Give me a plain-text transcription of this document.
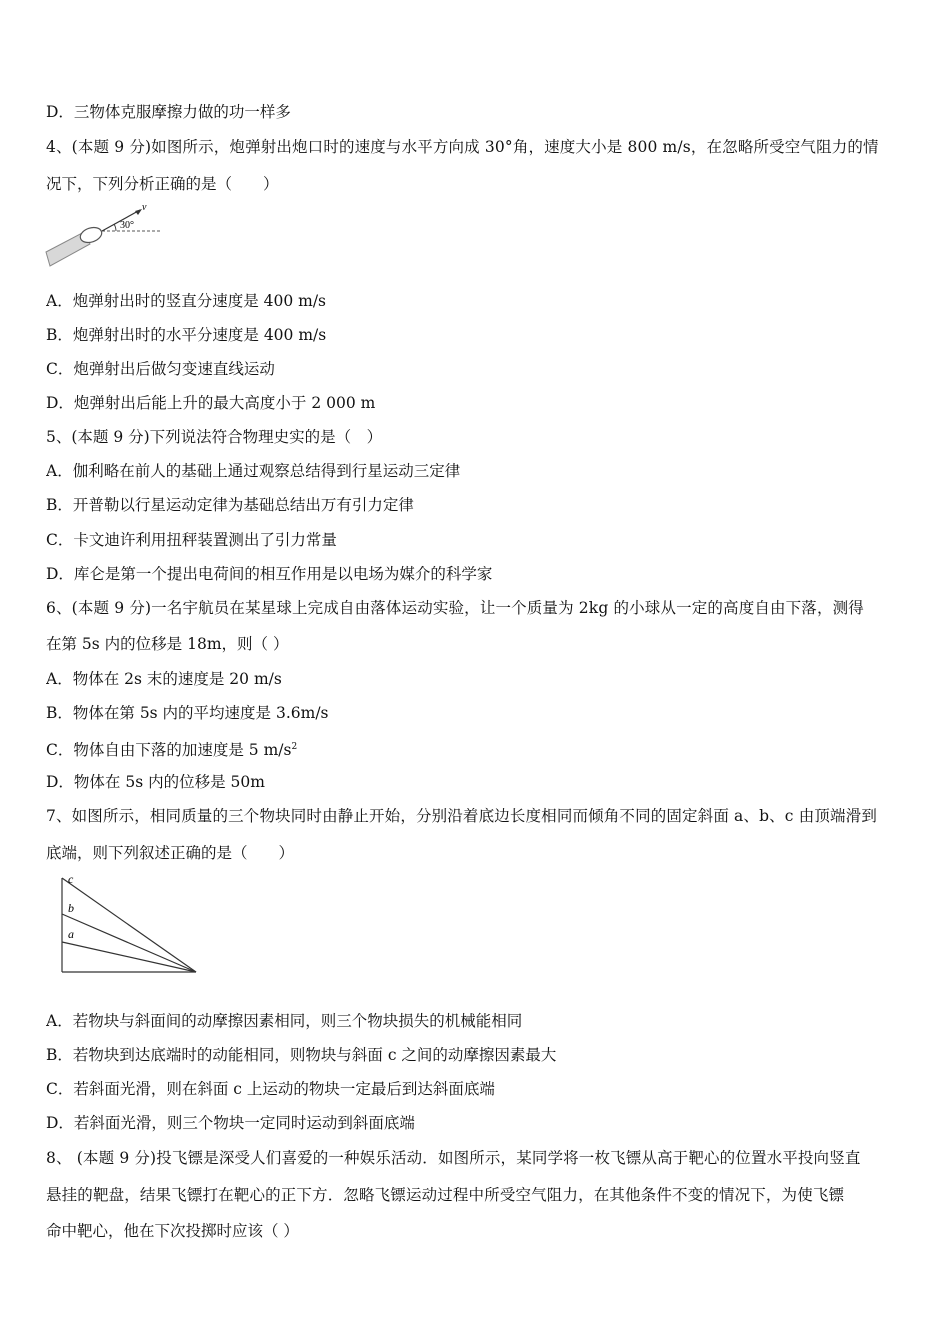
D．三物体克服摩擦力做的功一样多
4、(本题 9 分)如图所示，炮弹射出炮口时的速度与水平方向成 30°角，速度大小是 800 m/s，在忽略所受空气阻力的情
况下，下列分析正确的是（　　）
30°
v
A．炮弹射出时的竖直分速度是 400 m/s
B．炮弹射出时的水平分速度是 400 m/s
C．炮弹射出后做匀变速直线运动
D．炮弹射出后能上升的最大高度小于 2 000 m
5、(本题 9 分)下列说法符合物理史实的是（　）
A．伽利略在前人的基础上通过观察总结得到行星运动三定律
B．开普勒以行星运动定律为基础总结出万有引力定律
C．卡文迪许利用扭秤装置测出了引力常量
D．库仑是第一个提出电荷间的相互作用是以电场为媒介的科学家
6、(本题 9 分)一名宇航员在某星球上完成自由落体运动实验，让一个质量为 2kg 的小球从一定的高度自由下落，测得
在第 5s 内的位移是 18m，则（ ）
A．物体在 2s 末的速度是 20 m/s
B．物体在第 5s 内的平均速度是 3.6m/s
C．物体自由下落的加速度是 5 $m/s^2$
D．物体在 5s 内的位移是 50m
7、如图所示，相同质量的三个物块同时由静止开始，分别沿着底边长度相同而倾角不同的固定斜面 a、b、c 由顶端滑到
底端，则下列叙述正确的是（　　）
c
b
a
A．若物块与斜面间的动摩擦因素相同，则三个物块损失的机械能相同
B．若物块到达底端时的动能相同，则物块与斜面 c 之间的动摩擦因素最大
C．若斜面光滑，则在斜面 c 上运动的物块一定最后到达斜面底端
D．若斜面光滑，则三个物块一定同时运动到斜面底端
8、 (本题 9 分)投飞镖是深受人们喜爱的一种娱乐活动．如图所示，某同学将一枚飞镖从高于靶心的位置水平投向竖直
悬挂的靶盘，结果飞镖打在靶心的正下方．忽略飞镖运动过程中所受空气阻力，在其他条件不变的情况下，为使飞镖
命中靶心，他在下次投掷时应该（ ）
